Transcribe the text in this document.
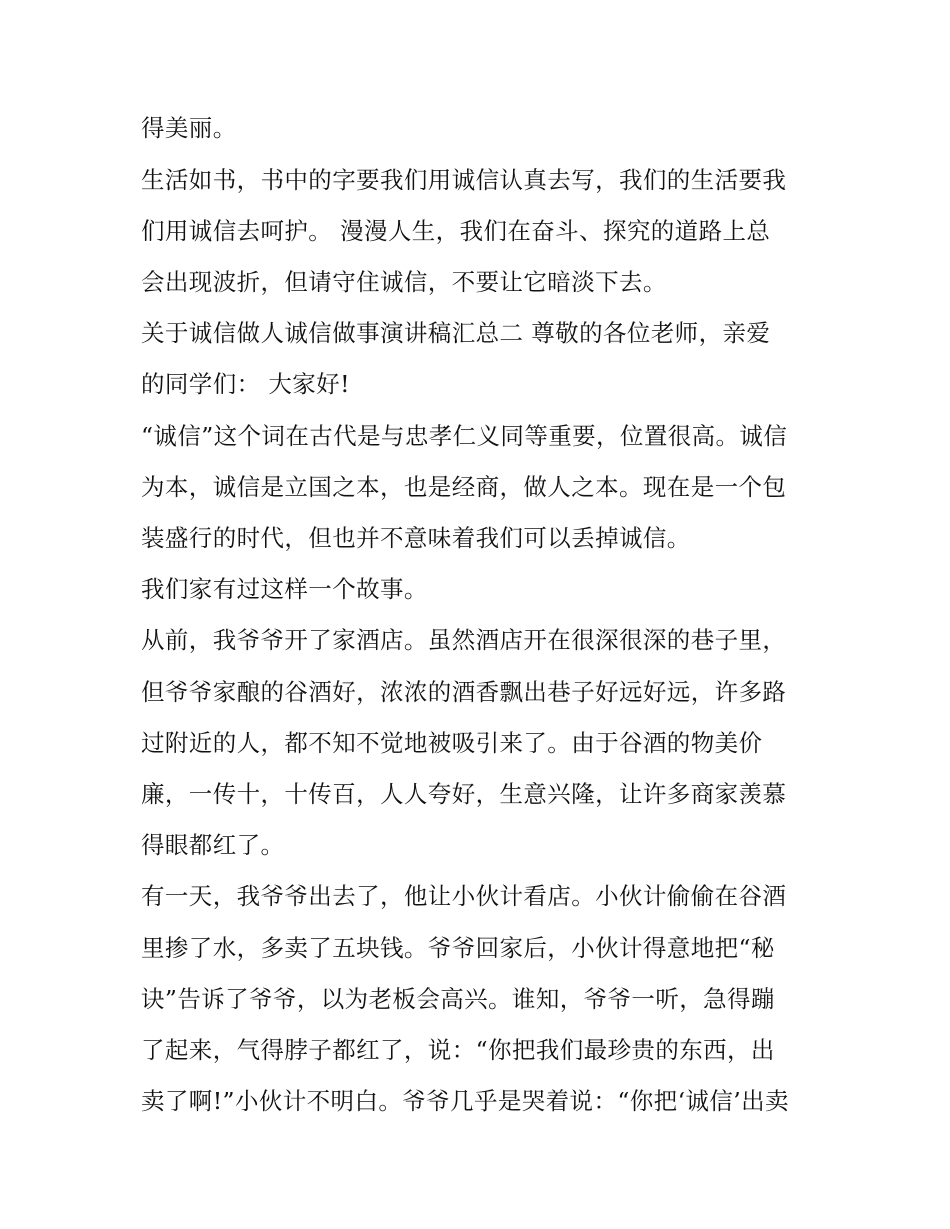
得美丽。
生活如书，书中的字要我们用诚信认真去写，我们的生活要我
们用诚信去呵护。 漫漫人生，我们在奋斗、探究的道路上总
会出现波折，但请守住诚信，不要让它暗淡下去。
关于诚信做人诚信做事演讲稿汇总二 尊敬的各位老师，亲爱
的同学们： 大家好!
“诚信”这个词在古代是与忠孝仁义同等重要，位置很高。诚信
为本，诚信是立国之本，也是经商，做人之本。现在是一个包
装盛行的时代，但也并不意味着我们可以丢掉诚信。
我们家有过这样一个故事。
从前，我爷爷开了家酒店。虽然酒店开在很深很深的巷子里，
但爷爷家酿的谷酒好，浓浓的酒香飘出巷子好远好远，许多路
过附近的人，都不知不觉地被吸引来了。由于谷酒的物美价
廉，一传十，十传百，人人夸好，生意兴隆，让许多商家羡慕
得眼都红了。
有一天，我爷爷出去了，他让小伙计看店。小伙计偷偷在谷酒
里掺了水，多卖了五块钱。爷爷回家后，小伙计得意地把“秘
诀”告诉了爷爷，以为老板会高兴。谁知，爷爷一听，急得蹦
了起来，气得脖子都红了，说：“你把我们最珍贵的东西，出
卖了啊!”小伙计不明白。爷爷几乎是哭着说：“你把‘诚信’出卖
